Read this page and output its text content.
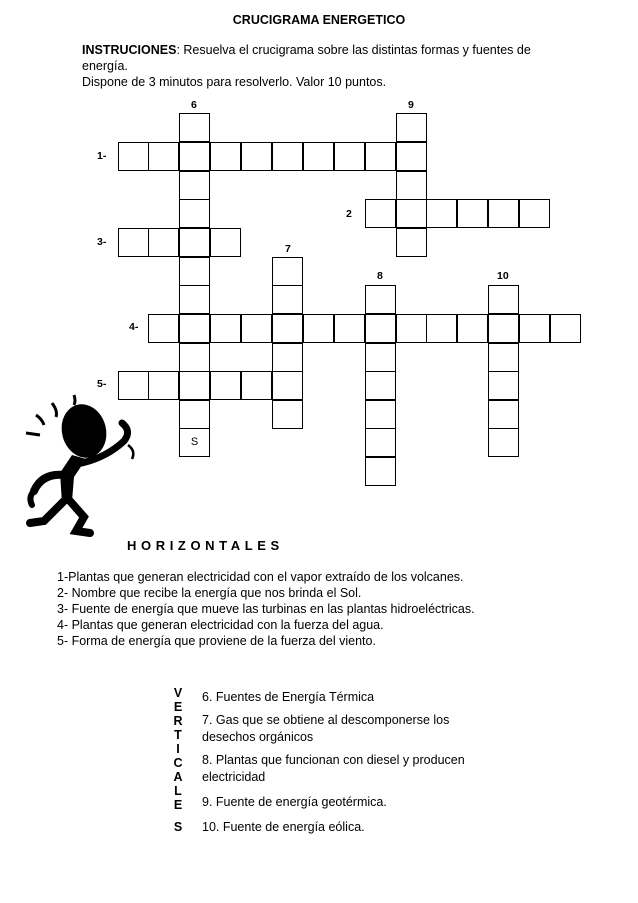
CRUCIGRAMA ENERGETICO
INSTRUCIONES: Resuelva el crucigrama sobre las distintas formas y fuentes de
energía.
Dispone de 3 minutos para resolverlo. Valor 10 puntos.
6	9
1-
2
3-
7
8	10
4-
5-
S
HORIZONTALES
1-Plantas que generan electricidad con el vapor extraído de los volcanes.
2- Nombre que recibe la energía que nos brinda el Sol.
3- Fuente de energía que mueve las turbinas en las plantas hidroeléctricas.
4- Plantas que generan electricidad con la fuerza del agua.
5- Forma de energía que proviene de la fuerza del viento.
V
E
R
T
I
C
A
L
E
S
6. Fuentes de Energía Térmica
7. Gas que se obtiene al descomponerse los desechos orgánicos
8. Plantas que funcionan con diesel y producen electricidad
9. Fuente de energía geotérmica.
10. Fuente de energía eólica.
